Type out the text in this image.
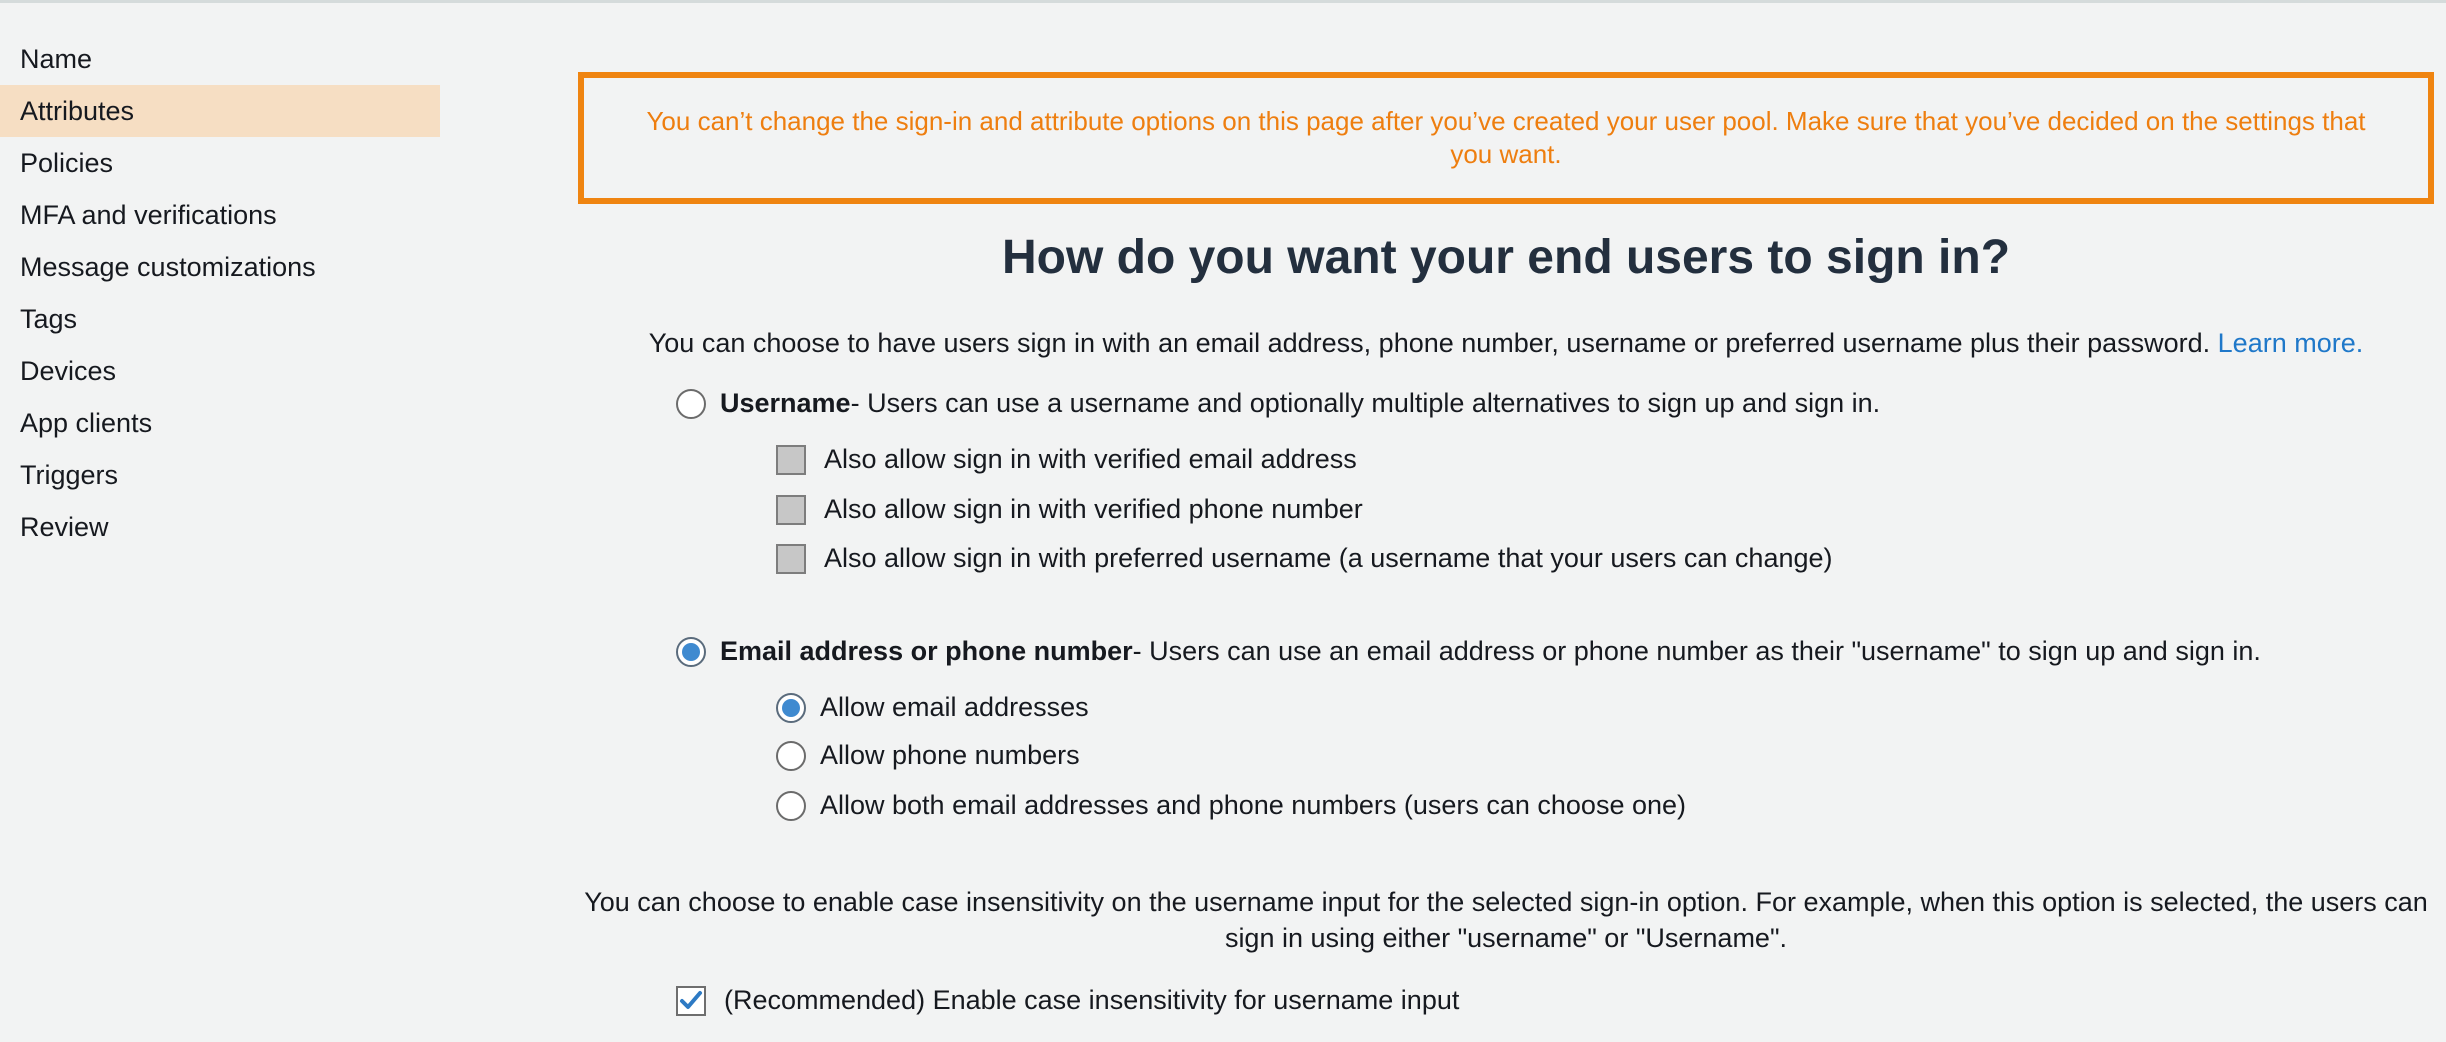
Name
Attributes
Policies
MFA and verifications
Message customizations
Tags
Devices
App clients
Triggers
Review
You can’t change the sign-in and attribute options on this page after you’ve created your user pool. Make sure that you’ve decided on the settings that you want.
How do you want your end users to sign in?
You can choose to have users sign in with an email address, phone number, username or preferred username plus their password. Learn more.
Username - Users can use a username and optionally multiple alternatives to sign up and sign in.
Also allow sign in with verified email address
Also allow sign in with verified phone number
Also allow sign in with preferred username (a username that your users can change)
Email address or phone number - Users can use an email address or phone number as their "username" to sign up and sign in.
Allow email addresses
Allow phone numbers
Allow both email addresses and phone numbers (users can choose one)
You can choose to enable case insensitivity on the username input for the selected sign-in option. For example, when this option is selected, the users can sign in using either "username" or "Username".
(Recommended) Enable case insensitivity for username input
